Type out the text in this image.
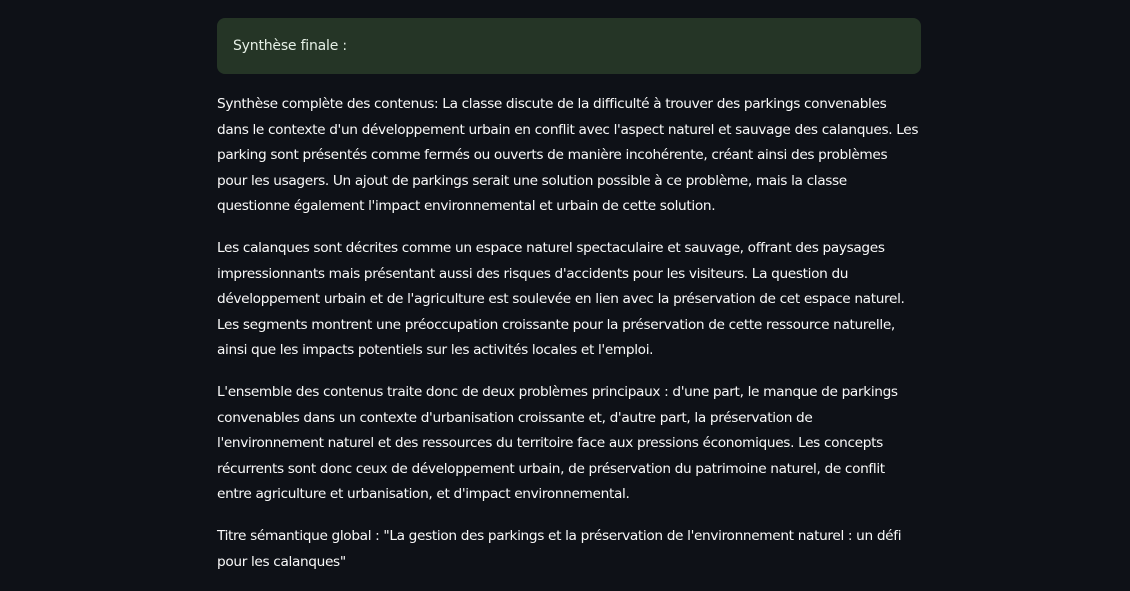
Synthèse finale :

Synthèse complète des contenus: La classe discute de la difficulté à trouver des parkings convenables dans le contexte d'un développement urbain en conflit avec l'aspect naturel et sauvage des calanques. Les parking sont présentés comme fermés ou ouverts de manière incohérente, créant ainsi des problèmes pour les usagers. Un ajout de parkings serait une solution possible à ce problème, mais la classe questionne également l'impact environnemental et urbain de cette solution.

Les calanques sont décrites comme un espace naturel spectaculaire et sauvage, offrant des paysages impressionnants mais présentant aussi des risques d'accidents pour les visiteurs. La question du développement urbain et de l'agriculture est soulevée en lien avec la préservation de cet espace naturel. Les segments montrent une préoccupation croissante pour la préservation de cette ressource naturelle, ainsi que les impacts potentiels sur les activités locales et l'emploi.

L'ensemble des contenus traite donc de deux problèmes principaux : d'une part, le manque de parkings convenables dans un contexte d'urbanisation croissante et, d'autre part, la préservation de l'environnement naturel et des ressources du territoire face aux pressions économiques. Les concepts récurrents sont donc ceux de développement urbain, de préservation du patrimoine naturel, de conflit entre agriculture et urbanisation, et d'impact environnemental.

Titre sémantique global : "La gestion des parkings et la préservation de l'environnement naturel : un défi pour les calanques"
